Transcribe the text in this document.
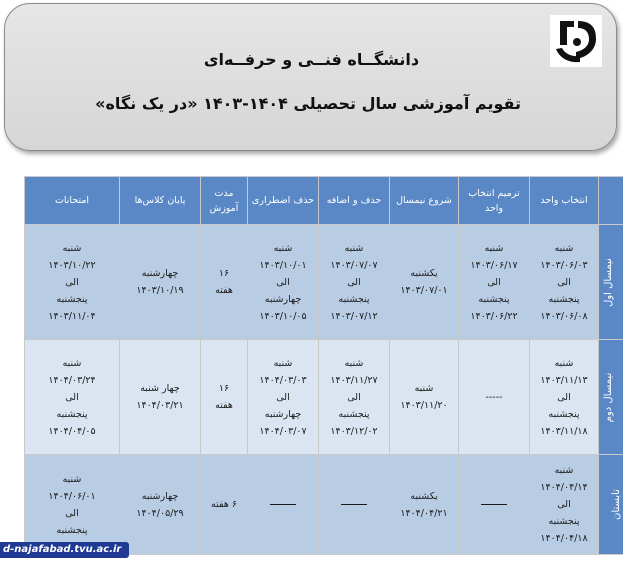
دانشگــاه فنــی و حرفــه‌ای
تقویم آموزشی سال تحصیلی ۱۴۰۴-۱۴۰۳ «در یک نگاه»
	انتخاب واحد	ترمیم انتخاب واحد	شروع نیمسال	حذف و اضافه	حذف اضطراری	مدت آموزش	پایان کلاس‌ها	امتحانات
نیمسال اول	شنبه
۱۴۰۳/۰۶/۰۳
الی
پنجشنبه
۱۴۰۳/۰۶/۰۸	شنبه
۱۴۰۳/۰۶/۱۷
الی
پنجشنبه
۱۴۰۳/۰۶/۲۲	یکشنبه
۱۴۰۳/۰۷/۰۱	شنبه
۱۴۰۳/۰۷/۰۷
الی
پنجشنبه
۱۴۰۳/۰۷/۱۲	شنبه
۱۴۰۳/۱۰/۰۱
الی
چهارشنبه
۱۴۰۳/۱۰/۰۵	۱۶
هفته	چهارشنبه
۱۴۰۳/۱۰/۱۹	شنبه
۱۴۰۳/۱۰/۲۲
الی
پنجشنبه
۱۴۰۳/۱۱/۰۴

نیمسال دوم	شنبه
۱۴۰۳/۱۱/۱۳
الی
پنجشنبه
۱۴۰۳/۱۱/۱۸	-----	شنبه
۱۴۰۳/۱۱/۲۰	شنبه
۱۴۰۳/۱۱/۲۷
الی
پنجشنبه
۱۴۰۳/۱۲/۰۲	شنبه
۱۴۰۴/۰۳/۰۳
الی
چهارشنبه
۱۴۰۴/۰۳/۰۷	۱۶
هفته	چهار شنبه
۱۴۰۴/۰۳/۲۱	شنبه
۱۴۰۴/۰۳/۲۴
الی
پنجشنبه
۱۴۰۴/۰۴/۰۵

تابستان	شنبه
۱۴۰۴/۰۴/۱۴
الی
پنجشنبه
۱۴۰۴/۰۴/۱۸		یکشنبه
۱۴۰۴/۰۴/۲۱			۶ هفته	چهارشنبه
۱۴۰۴/۰۵/۲۹	شنبه
۱۴۰۴/۰۶/۰۱
الی
پنجشنبه
d-najafabad.tvu.ac.ir
